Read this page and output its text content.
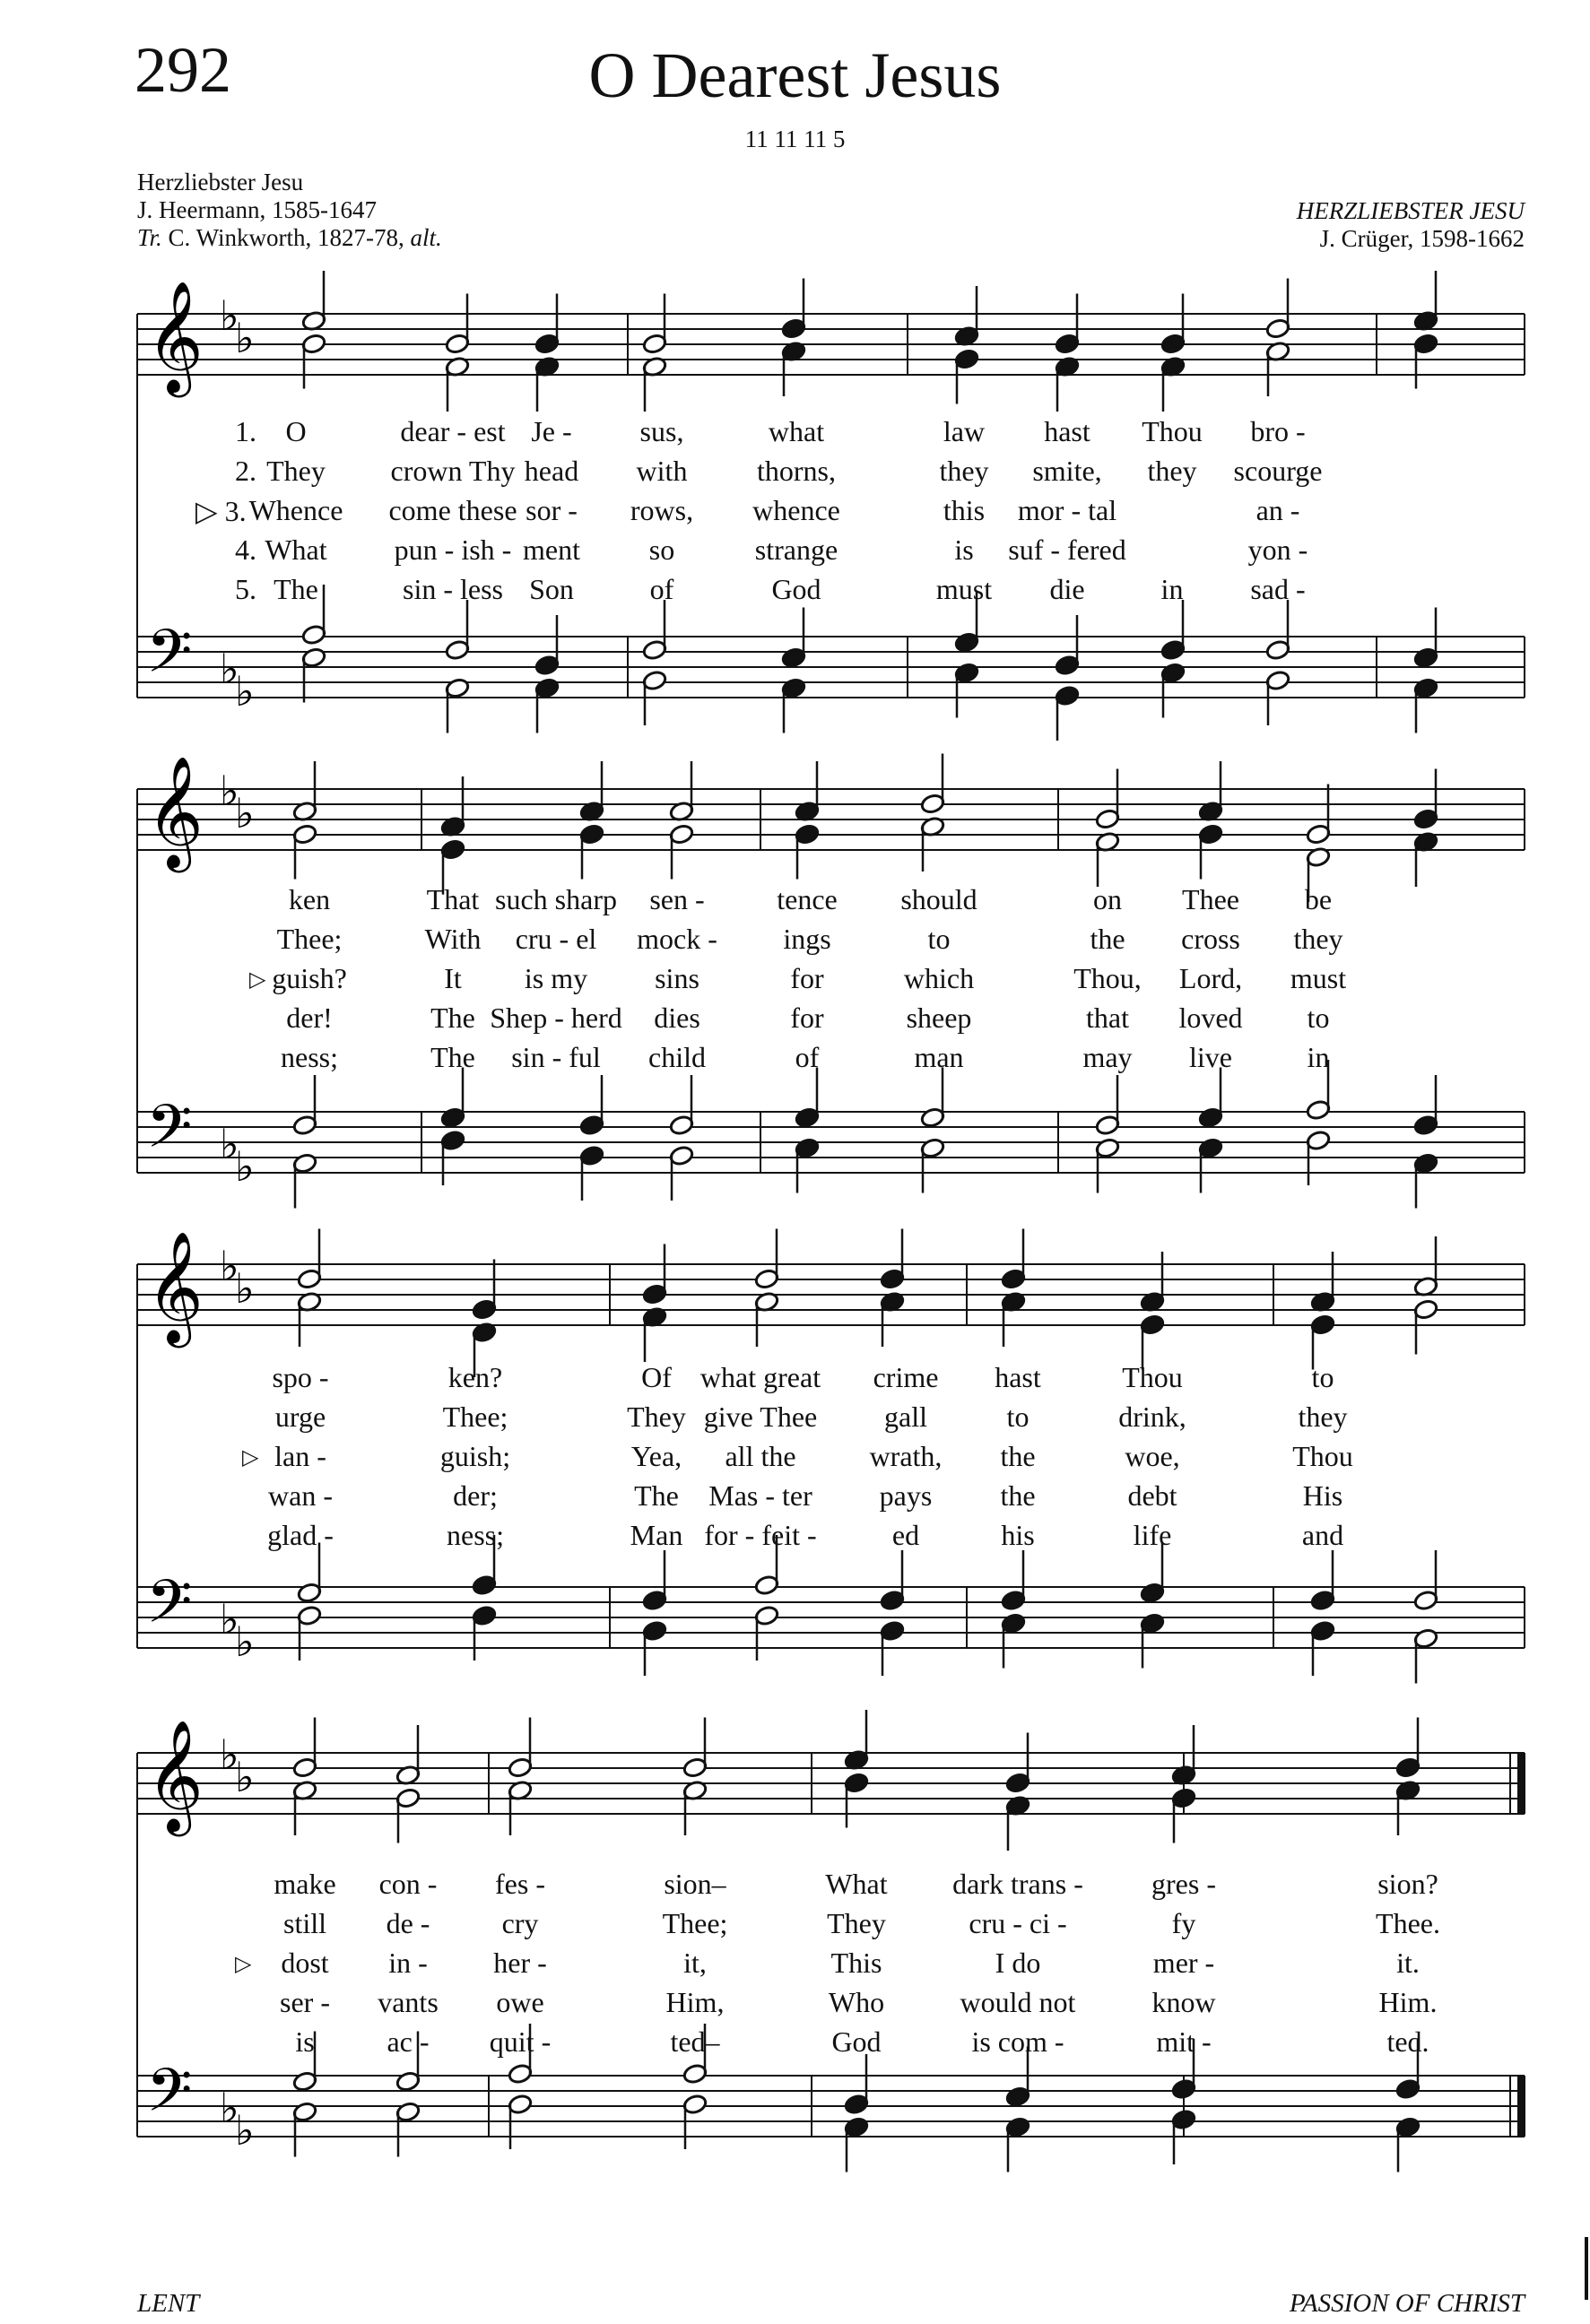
292	O Dearest Jesus
11 11 11 5
Herzliebster Jesu
J. Heermann, 1585-1647
Tr. C. Winkworth, 1827-78, alt.
HERZLIEBSTER JESU
J. Crüger, 1598-1662
𝄞
𝄢
♭
♭
♭
♭
𝄞
𝄢
♭
♭
♭
♭
𝄞
𝄢
♭
♭
♭
♭
𝄞
𝄢
♭
♭
♭
♭
O
They
Whence
What
The
dear - est
crown Thy
come these
pun - ish -
sin - less
Je -
head
sor -
ment
Son
sus,
with
rows,
so
of
what
thorns,
whence
strange
God
law
they
this
is
must
hast
smite,
mor - tal
suf - fered
die
Thou
they
in
bro -
scourge
an -
yon -
sad -
1.
2.
▷ 3.
4.
5.
ken
Thee;
guish?
der!
ness;
That
With
It
The
The
such sharp
cru - el
is my
Shep - herd
sin - ful
sen -
mock -
sins
dies
child
tence
ings
for
for
of
should
to
which
sheep
man
on
the
Thou,
that
may
Thee
cross
Lord,
loved
live
be
they
must
to
in
▷
spo -
urge
lan -
wan -
glad -
ken?
Thee;
guish;
der;
ness;
Of
They
Yea,
The
Man
what great
give Thee
all the
Mas - ter
for - feit -
crime
gall
wrath,
pays
ed
hast
to
the
the
his
Thou
drink,
woe,
debt
life
to
they
Thou
His
and
▷
make
still
dost
ser -
is
con -
de -
in -
vants
ac -
fes -
cry
her -
owe
quit -
sion–
Thee;
it,
Him,
ted–
What
They
This
Who
God
dark trans -
cru - ci -
I do
would not
is com -
gres -
fy
mer -
know
mit -
sion?
Thee.
it.
Him.
ted.
▷
LENT	PASSION OF CHRIST
